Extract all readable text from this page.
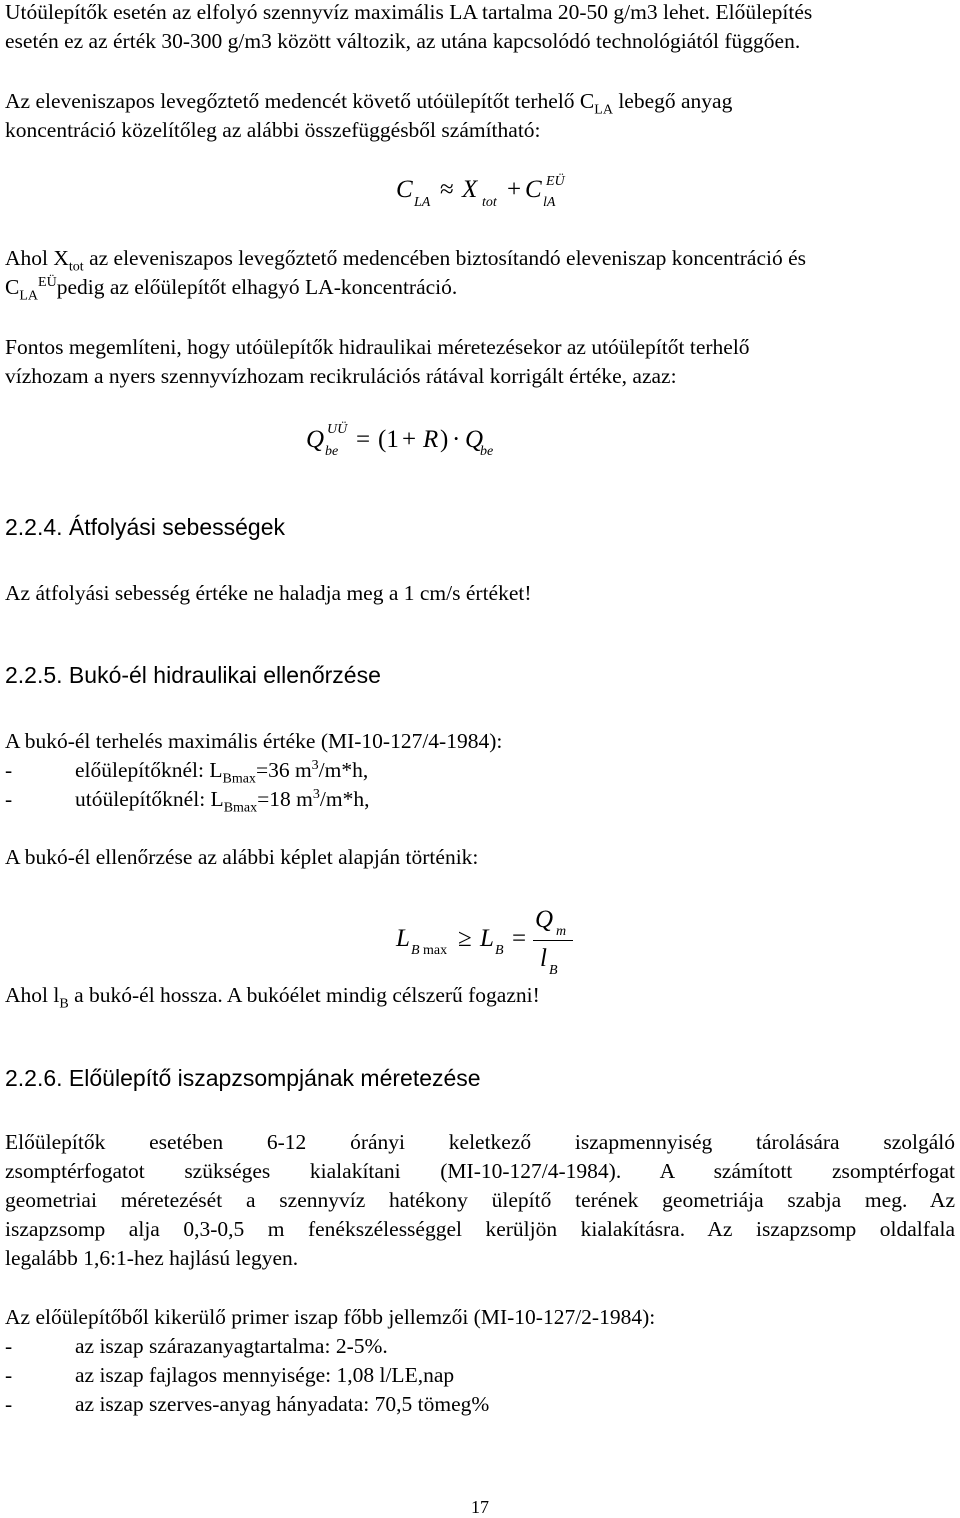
Utóülepítők esetén az elfolyó szennyvíz maximális LA tartalma 20-50 g/m3 lehet. Előülepítés

esetén ez az érték 30-300 g/m3 között változik, az utána kapcsolódó technológiától függően.

Az eleveniszapos levegőztető medencét követő utóülepítőt terhelő $C_{LA}$ lebegő anyag

koncentráció közelítőleg az alábbi összefüggésből számítható:

C LA ≈ X tot + C EÜ
lA

Ahol $X_{tot}$ az eleveniszapos levegőztető medencében biztosítandó eleveniszap koncentráció és

$C_{LA}^{EÜ}pedig$ az előülepítőt elhagyó LA-koncentráció.

Fontos megemlíteni, hogy utóülepítők hidraulikai méretezésekor az utóülepítőt terhelő

vízhozam a nyers szennyvízhozam recikrulációs rátával korrigált értéke, azaz:

Q UÜ
be = (1 + R ) · Q
be
2.2.4. Átfolyási sebességek

Az átfolyási sebesség értéke ne haladja meg a 1 cm/s értéket!

2.2.5. Bukó-él hidraulikai ellenőrzése

A bukó-él terhelés maximális értéke (MI-10-127/4-1984):

-	előülepítőknél: $L_{Bmax}=36$ $m^3/m*h$,

-	utóülepítőknél: $L_{Bmax}=18$ $m^3/m*h$,

A bukó-él ellenőrzése az alábbi képlet alapján történik:

L B max ≥ L B =
Q m
l B

Ahol $l_B$ a bukó-él hossza. A bukóélet mindig célszerű fogazni!

2.2.6. Előülepítő iszapzsompjának méretezése

Előülepítők esetében 6-12 órányi keletkező iszapmennyiség tárolására szolgáló

zsomptérfogatot szükséges kialakítani (MI-10-127/4-1984). A számított zsomptérfogat

geometriai méretezését a szennyvíz hatékony ülepítő terének geometriája szabja meg. Az

iszapzsomp alja 0,3-0,5 m fenékszélességgel kerüljön kialakításra. Az iszapzsomp oldalfala

legalább 1,6:1-hez hajlású legyen.

Az előülepítőből kikerülő primer iszap főbb jellemzői (MI-10-127/2-1984):

-	az iszap szárazanyagtartalma: 2-5%.

-	az iszap fajlagos mennyisége: 1,08 l/LE,nap

-	az iszap szerves-anyag hányadata: 70,5 tömeg%

17
